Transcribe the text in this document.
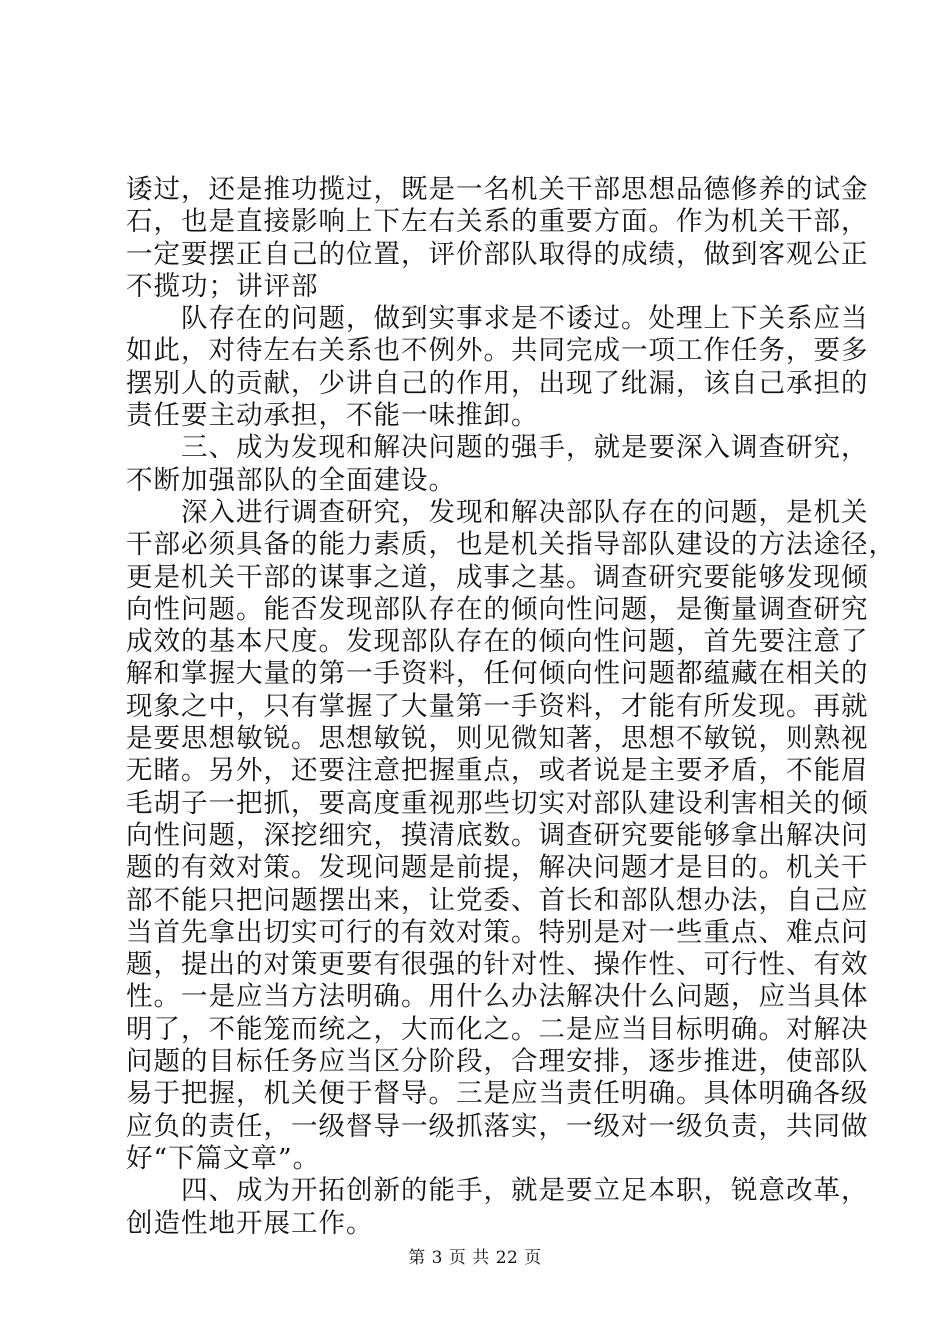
诿过，还是推功揽过，既是一名机关干部思想品德修养的试金
石，也是直接影响上下左右关系的重要方面。作为机关干部，
一定要摆正自己的位置，评价部队取得的成绩，做到客观公正
不揽功；讲评部
　　队存在的问题，做到实事求是不诿过。处理上下关系应当
如此，对待左右关系也不例外。共同完成一项工作任务，要多
摆别人的贡献，少讲自己的作用，出现了纰漏，该自己承担的
责任要主动承担，不能一味推卸。
　　三、成为发现和解决问题的强手，就是要深入调查研究，
不断加强部队的全面建设。
　　深入进行调查研究，发现和解决部队存在的问题，是机关
干部必须具备的能力素质，也是机关指导部队建设的方法途径，
更是机关干部的谋事之道，成事之基。调查研究要能够发现倾
向性问题。能否发现部队存在的倾向性问题，是衡量调查研究
成效的基本尺度。发现部队存在的倾向性问题，首先要注意了
解和掌握大量的第一手资料，任何倾向性问题都蕴藏在相关的
现象之中，只有掌握了大量第一手资料，才能有所发现。再就
是要思想敏锐。思想敏锐，则见微知著，思想不敏锐，则熟视
无睹。另外，还要注意把握重点，或者说是主要矛盾，不能眉
毛胡子一把抓，要高度重视那些切实对部队建设利害相关的倾
向性问题，深挖细究，摸清底数。调查研究要能够拿出解决问
题的有效对策。发现问题是前提，解决问题才是目的。机关干
部不能只把问题摆出来，让党委、首长和部队想办法，自己应
当首先拿出切实可行的有效对策。特别是对一些重点、难点问
题，提出的对策更要有很强的针对性、操作性、可行性、有效
性。一是应当方法明确。用什么办法解决什么问题，应当具体
明了，不能笼而统之，大而化之。二是应当目标明确。对解决
问题的目标任务应当区分阶段，合理安排，逐步推进，使部队
易于把握，机关便于督导。三是应当责任明确。具体明确各级
应负的责任，一级督导一级抓落实，一级对一级负责，共同做
好“下篇文章”。
　　四、成为开拓创新的能手，就是要立足本职，锐意改革，
创造性地开展工作。
第 3 页 共 22 页
